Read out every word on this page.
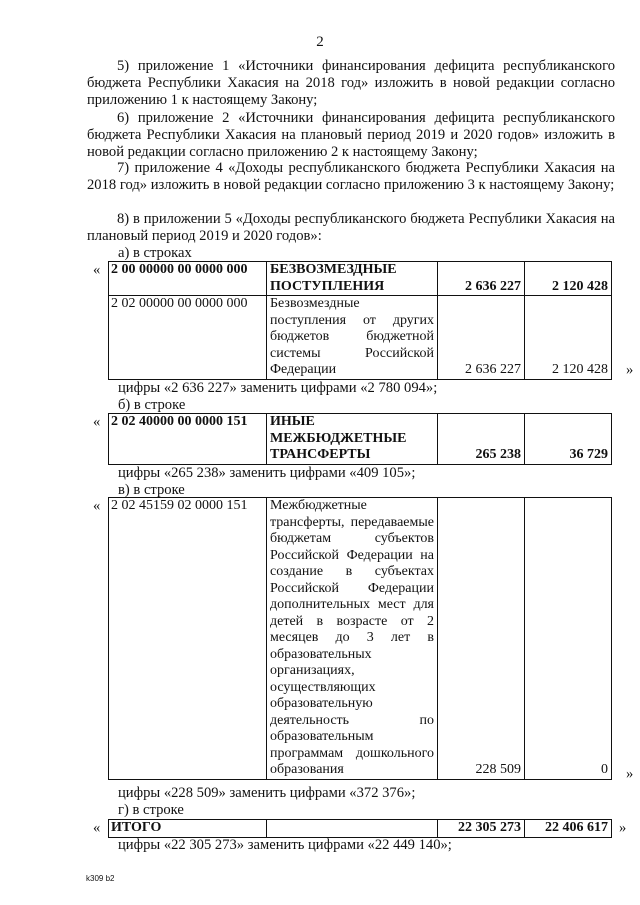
2
5) приложение 1 «Источники финансирования дефицита республиканского бюджета Республики Хакасия на 2018 год» изложить в новой редакции согласно приложению 1 к настоящему Закону;
6) приложение 2 «Источники финансирования дефицита республиканского бюджета Республики Хакасия на плановый период 2019 и 2020 годов» изложить в новой редакции согласно приложению 2 к настоящему Закону;
7) приложение 4 «Доходы республиканского бюджета Республики Хакасия на 2018 год» изложить в новой редакции согласно приложению 3 к настоящему Закону;
8) в приложении 5 «Доходы республиканского бюджета Республики Хакасия на плановый период 2019 и 2020 годов»:
а) в строках
« 2 00 00000 00 0000 000	БЕЗВОЗМЕЗДНЫЕ ПОСТУПЛЕНИЯ	2 636 227	2 120 428
2 02 00000 00 0000 000	Безвозмездные поступления от других бюджетов бюджетной системы Российской Федерации	2 636 227	2 120 428 »
цифры «2 636 227» заменить цифрами «2 780 094»;
б) в строке
« 2 02 40000 00 0000 151	ИНЫЕ МЕЖБЮДЖЕТНЫЕ ТРАНСФЕРТЫ	265 238	36 729
цифры «265 238» заменить цифрами «409 105»;
в) в строке
« 2 02 45159 02 0000 151	Межбюджетные трансферты, передаваемые бюджетам субъектов Российской Федерации на создание в субъектах Российской Федерации дополнительных мест для детей в возрасте от 2 месяцев до 3 лет в образовательных организациях, осуществляющих образовательную деятельность по образовательным программам дошкольного образования	228 509	0 »
цифры «228 509» заменить цифрами «372 376»;
г) в строке
« ИТОГО		22 305 273	22 406 617 »
цифры «22 305 273» заменить цифрами «22 449 140»;
k309 b2
